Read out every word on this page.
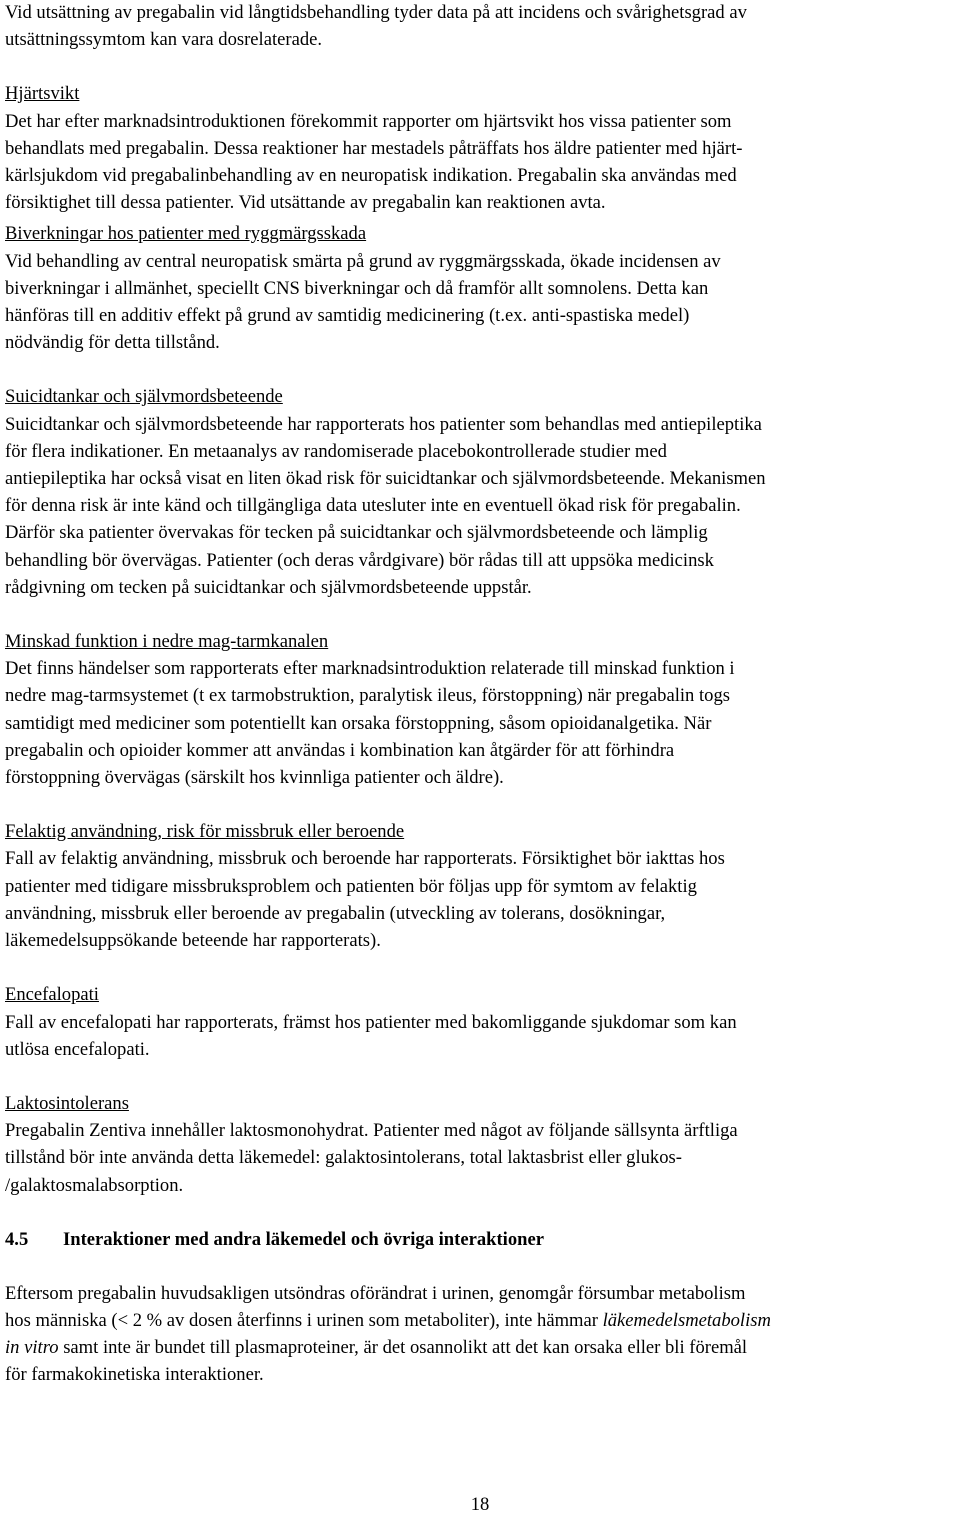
Vid utsättning av pregabalin vid långtidsbehandling tyder data på att incidens och svårighetsgrad av
utsättningssymtom kan vara dosrelaterade.

Hjärtsvikt
Det har efter marknadsintroduktionen förekommit rapporter om hjärtsvikt hos vissa patienter som
behandlats med pregabalin. Dessa reaktioner har mestadels påträffats hos äldre patienter med hjärt-
kärlsjukdom vid pregabalinbehandling av en neuropatisk indikation. Pregabalin ska användas med
försiktighet till dessa patienter. Vid utsättande av pregabalin kan reaktionen avta.

Biverkningar hos patienter med ryggmärgsskada
Vid behandling av central neuropatisk smärta på grund av ryggmärgsskada, ökade incidensen av
biverkningar i allmänhet, speciellt CNS biverkningar och då framför allt somnolens. Detta kan
hänföras till en additiv effekt på grund av samtidig medicinering (t.ex. anti-spastiska medel)
nödvändig för detta tillstånd.

Suicidtankar och självmordsbeteende
Suicidtankar och självmordsbeteende har rapporterats hos patienter som behandlas med antiepileptika
för flera indikationer. En metaanalys av randomiserade placebokontrollerade studier med
antiepileptika har också visat en liten ökad risk för suicidtankar och självmordsbeteende. Mekanismen
för denna risk är inte känd och tillgängliga data utesluter inte en eventuell ökad risk för pregabalin.
Därför ska patienter övervakas för tecken på suicidtankar och självmordsbeteende och lämplig
behandling bör övervägas. Patienter (och deras vårdgivare) bör rådas till att uppsöka medicinsk
rådgivning om tecken på suicidtankar och självmordsbeteende uppstår.

Minskad funktion i nedre mag-tarmkanalen
Det finns händelser som rapporterats efter marknadsintroduktion relaterade till minskad funktion i
nedre mag-tarmsystemet (t ex tarmobstruktion, paralytisk ileus, förstoppning) när pregabalin togs
samtidigt med mediciner som potentiellt kan orsaka förstoppning, såsom opioidanalgetika. När
pregabalin och opioider kommer att användas i kombination kan åtgärder för att förhindra
förstoppning övervägas (särskilt hos kvinnliga patienter och äldre).

Felaktig användning, risk för missbruk eller beroende
Fall av felaktig användning, missbruk och beroende har rapporterats. Försiktighet bör iakttas hos
patienter med tidigare missbruksproblem och patienten bör följas upp för symtom av felaktig
användning, missbruk eller beroende av pregabalin (utveckling av tolerans, dosökningar,
läkemedelsuppsökande beteende har rapporterats).

Encefalopati
Fall av encefalopati har rapporterats, främst hos patienter med bakomliggande sjukdomar som kan
utlösa encefalopati.

Laktosintolerans
Pregabalin Zentiva innehåller laktosmonohydrat. Patienter med något av följande sällsynta ärftliga
tillstånd bör inte använda detta läkemedel: galaktosintolerans, total laktasbrist eller glukos-
/galaktosmalabsorption.

4.5 Interaktioner med andra läkemedel och övriga interaktioner

Eftersom pregabalin huvudsakligen utsöndras oförändrat i urinen, genomgår försumbar metabolism
hos människa (< 2 % av dosen återfinns i urinen som metaboliter), inte hämmar läkemedelsmetabolism
in vitro samt inte är bundet till plasmaproteiner, är det osannolikt att det kan orsaka eller bli föremål
för farmakokinetiska interaktioner.

18
